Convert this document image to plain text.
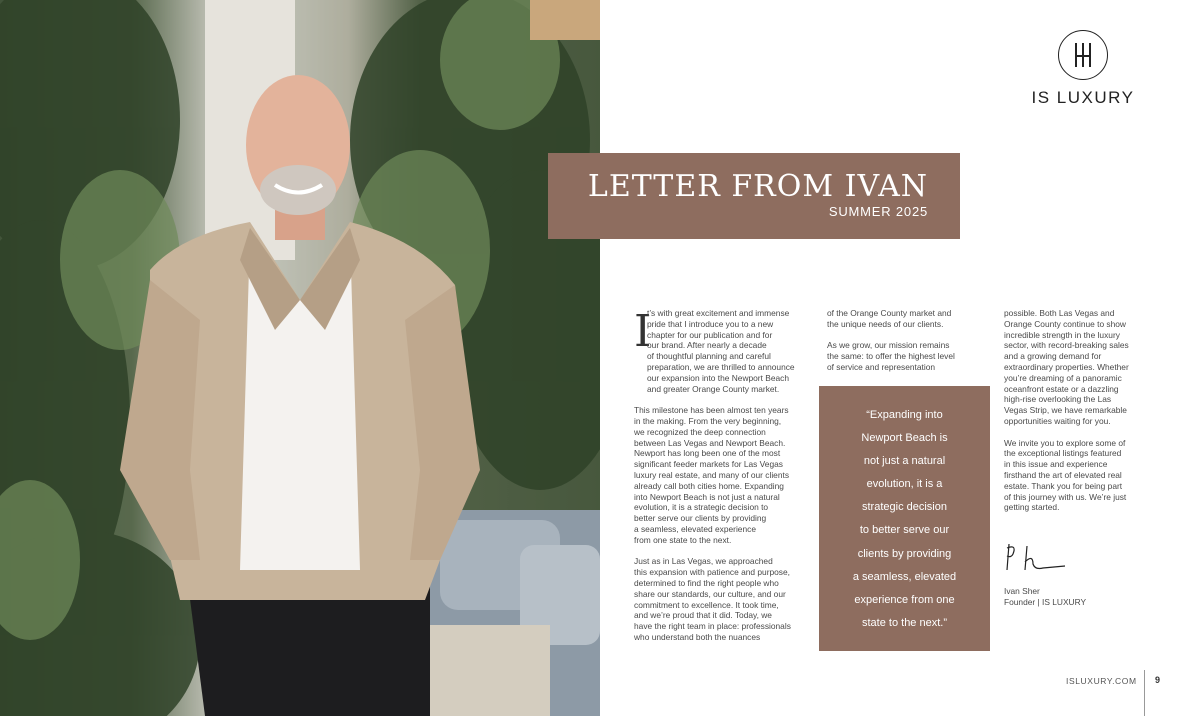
IS LUXURY
LETTER FROM IVAN
SUMMER 2025
I

t’s with great excitement and immense
pride that I introduce you to a new
chapter for our publication and for
our brand. After nearly a decade
of thoughtful planning and careful
preparation, we are thrilled to announce
our expansion into the Newport Beach
and greater Orange County market.

This milestone has been almost ten years
in the making. From the very beginning,
we recognized the deep connection
between Las Vegas and Newport Beach.
Newport has long been one of the most
significant feeder markets for Las Vegas
luxury real estate, and many of our clients
already call both cities home. Expanding
into Newport Beach is not just a natural
evolution, it is a strategic decision to
better serve our clients by providing
a seamless, elevated experience
from one state to the next.

Just as in Las Vegas, we approached
this expansion with patience and purpose,
determined to find the right people who
share our standards, our culture, and our
commitment to excellence. It took time,
and we’re proud that it did. Today, we
have the right team in place: professionals
who understand both the nuances

of the Orange County market and
the unique needs of our clients.

As we grow, our mission remains
the same: to offer the highest level
of service and representation

“Expanding into
Newport Beach is
not just a natural
evolution, it is a
strategic decision
to better serve our
clients by providing
a seamless, elevated
experience from one
state to the next.”

possible. Both Las Vegas and
Orange County continue to show
incredible strength in the luxury
sector, with record-breaking sales
and a growing demand for
extraordinary properties. Whether
you’re dreaming of a panoramic
oceanfront estate or a dazzling
high-rise overlooking the Las
Vegas Strip, we have remarkable
opportunities waiting for you.

We invite you to explore some of
the exceptional listings featured
in this issue and experience
firsthand the art of elevated real
estate. Thank you for being part
of this journey with us. We’re just
getting started.

Ivan Sher
Founder | IS LUXURY
ISLUXURY.COM 9
